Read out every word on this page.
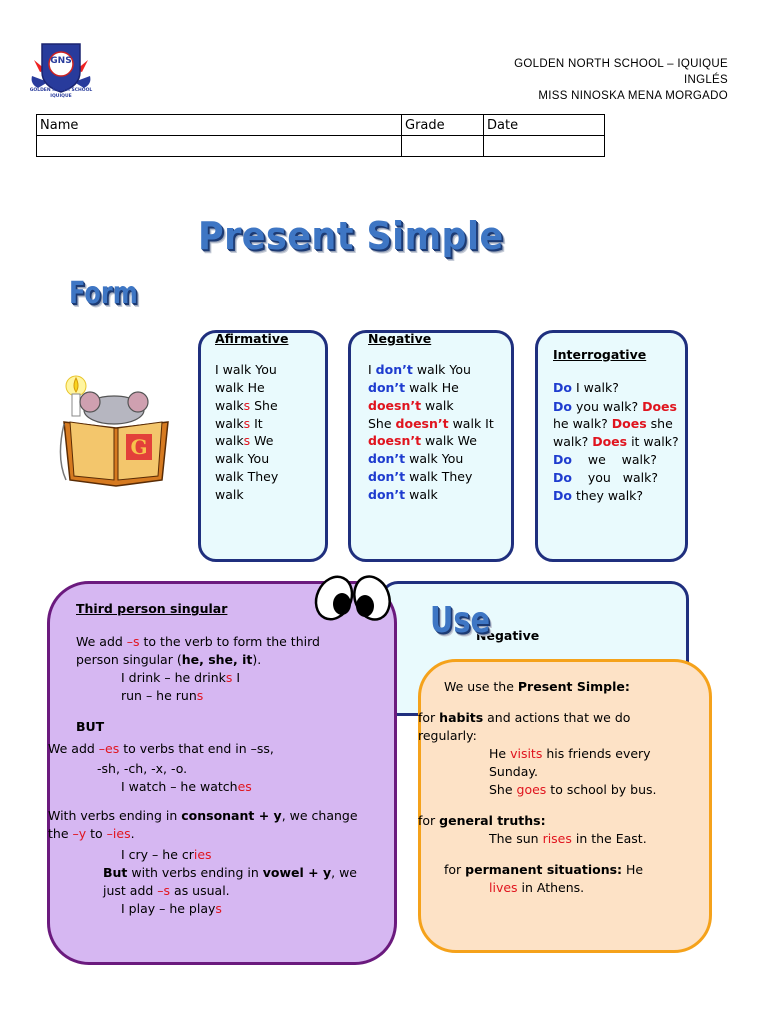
GNS
GOLDEN NORTH SCHOOL
IQUIQUE
GOLDEN NORTH SCHOOL – IQUIQUE
INGLÉS
MISS NINOSKA MENA MORGADO
Name	Grade	Date

Present Simple
Form
G
Afirmative
I walk You
walk He
walks She
walks It
walks We
walk You
walk They
walk
Negative
I don’t walk You
don’t walk He
doesn’t walk
She doesn’t walk It
doesn’t walk We
don’t walk You
don’t walk They
don’t walk
Interrogative
Do I walk?
Do you walk? Does
he walk? Does she
walk? Does it walk?
Do    we    walk?
Do    you   walk?
Do they walk?
Negative
Use
Third person singular
We add –s to the verb to form the third
person singular (he, she, it).
I drink – he drinks I
run – he runs
BUT
We add –es to verbs that end in –ss,
-sh, -ch, -x, -o.
I watch – he watches
With verbs ending in consonant + y, we change
the –y to –ies.
I cry – he cries
But with verbs ending in vowel + y, we
just add –s as usual.
I play – he plays
We use the Present Simple:
for habits and actions that we do
regularly:
He visits his friends every
Sunday.
She goes to school by bus.
for general truths:
The sun rises in the East.
for permanent situations: He
lives in Athens.
